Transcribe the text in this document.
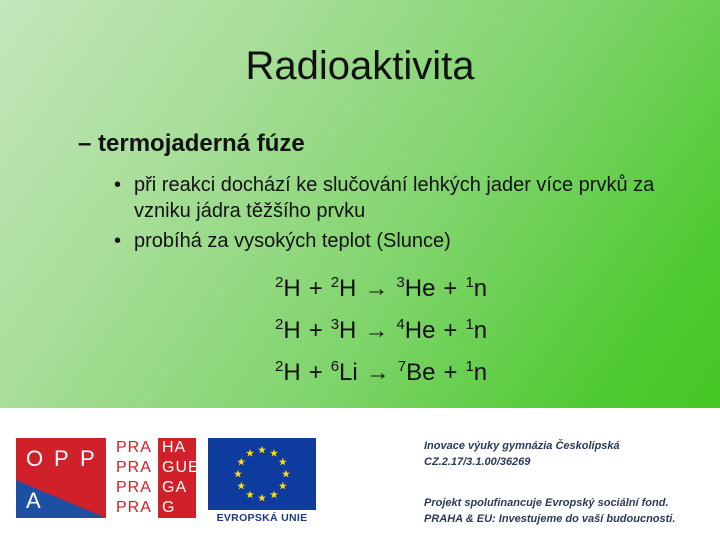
Radioaktivita
– termojaderná fúze
• při reakci dochází ke slučování lehkých jader více prvků za vzniku jádra těžšího prvku
• probíhá za vysokých teplot (Slunce)
$^2$H + $^2$H → $^3$He + $^1$n
$^2$H + $^3$H → $^4$He + $^1$n
$^2$H + $^6$Li → $^7$Be + $^1$n
O P P
A
PRA HA
PRA GUE
PRA GA
PRA G
EVROPSKÁ UNIE
Inovace výuky gymnázia Českolipská
CZ.2.17/3.1.00/36269
Projekt spolufinancuje Evropský sociální fond.
PRAHA & EU: Investujeme do vaší budoucnosti.
